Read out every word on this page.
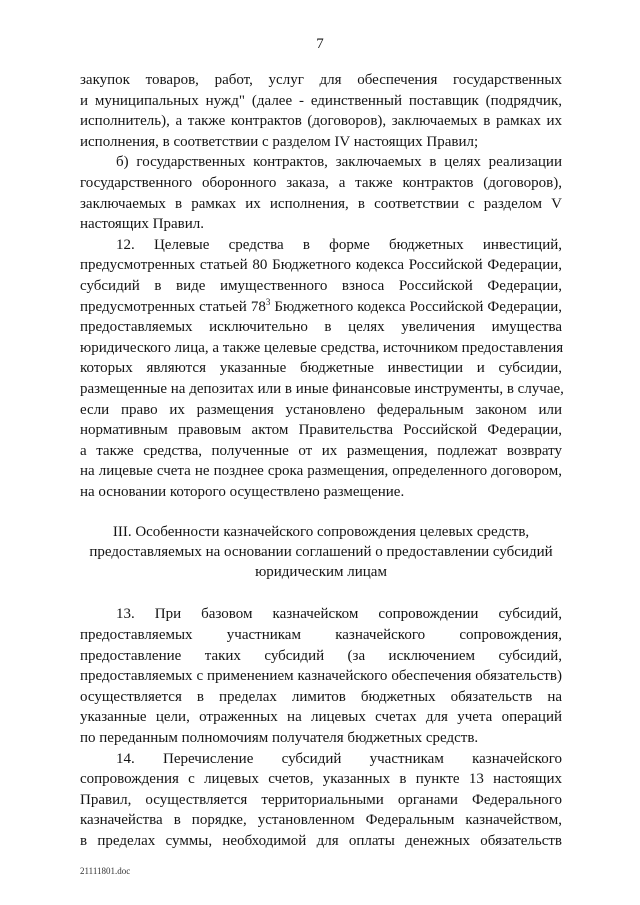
7
закупок товаров, работ, услуг для обеспечения государственных
и муниципальных нужд" (далее - единственный поставщик (подрядчик,
исполнитель), а также контрактов (договоров), заключаемых в рамках их
исполнения, в соответствии с разделом IV настоящих Правил;
б) государственных контрактов, заключаемых в целях реализации
государственного оборонного заказа, а также контрактов (договоров),
заключаемых в рамках их исполнения, в соответствии с разделом V
настоящих Правил.
12. Целевые средства в форме бюджетных инвестиций,
предусмотренных статьей 80 Бюджетного кодекса Российской Федерации,
субсидий в виде имущественного взноса Российской Федерации,
предусмотренных статьей $78^3$ Бюджетного кодекса Российской Федерации,
предоставляемых исключительно в целях увеличения имущества
юридического лица, а также целевые средства, источником предоставления
которых являются указанные бюджетные инвестиции и субсидии,
размещенные на депозитах или в иные финансовые инструменты, в случае,
если право их размещения установлено федеральным законом или
нормативным правовым актом Правительства Российской Федерации,
а также средства, полученные от их размещения, подлежат возврату
на лицевые счета не позднее срока размещения, определенного договором,
на основании которого осуществлено размещение.
III. Особенности казначейского сопровождения целевых средств,
предоставляемых на основании соглашений о предоставлении субсидий
юридическим лицам
13. При базовом казначейском сопровождении субсидий,
предоставляемых участникам казначейского сопровождения,
предоставление таких субсидий (за исключением субсидий,
предоставляемых с применением казначейского обеспечения обязательств)
осуществляется в пределах лимитов бюджетных обязательств на
указанные цели, отраженных на лицевых счетах для учета операций
по переданным полномочиям получателя бюджетных средств.
14. Перечисление субсидий участникам казначейского
сопровождения с лицевых счетов, указанных в пункте 13 настоящих
Правил, осуществляется территориальными органами Федерального
казначейства в порядке, установленном Федеральным казначейством,
в пределах суммы, необходимой для оплаты денежных обязательств
21111801.doc
